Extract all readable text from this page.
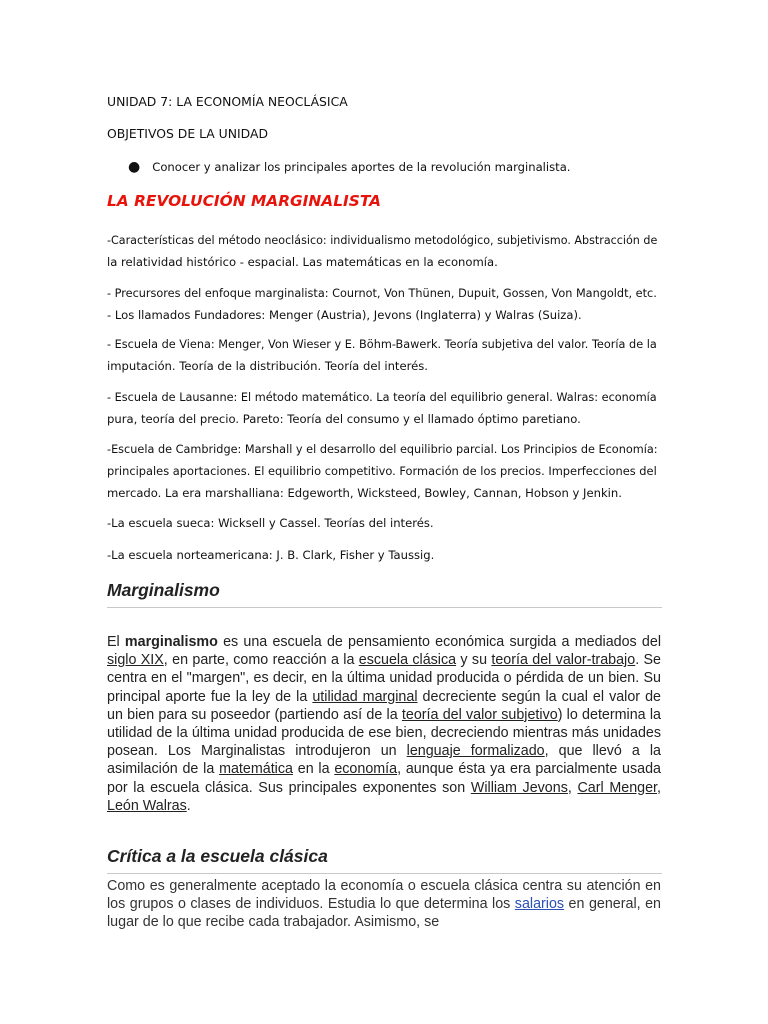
UNIDAD 7: LA ECONOMÍA NEOCLÁSICA
OBJETIVOS DE LA UNIDAD
● Conocer y analizar los principales aportes de la revolución marginalista.
LA REVOLUCIÓN MARGINALISTA
-Características del método neoclásico: individualismo metodológico, subjetivismo. Abstracción de
la relatividad histórico - espacial. Las matemáticas en la economía.
- Precursores del enfoque marginalista: Cournot, Von Thünen, Dupuit, Gossen, Von Mangoldt, etc.
- Los llamados Fundadores: Menger (Austria), Jevons (Inglaterra) y Walras (Suiza).
- Escuela de Viena: Menger, Von Wieser y E. Böhm-Bawerk. Teoría subjetiva del valor. Teoría de la
imputación. Teoría de la distribución. Teoría del interés.
- Escuela de Lausanne: El método matemático. La teoría del equilibrio general. Walras: economía
pura, teoría del precio. Pareto: Teoría del consumo y el llamado óptimo paretiano.
-Escuela de Cambridge: Marshall y el desarrollo del equilibrio parcial. Los Principios de Economía:
principales aportaciones. El equilibrio competitivo. Formación de los precios. Imperfecciones del
mercado. La era marshalliana: Edgeworth, Wicksteed, Bowley, Cannan, Hobson y Jenkin.
-La escuela sueca: Wicksell y Cassel. Teorías del interés.
-La escuela norteamericana: J. B. Clark, Fisher y Taussig.
Marginalismo
El marginalismo es una escuela de pensamiento económica surgida a mediados del siglo XIX, en parte, como reacción a la escuela clásica y su teoría del valor-trabajo. Se centra en el "margen", es decir, en la última unidad producida o pérdida de un bien. Su principal aporte fue la ley de la utilidad marginal decreciente según la cual el valor de un bien para su poseedor (partiendo así de la teoría del valor subjetivo) lo determina la utilidad de la última unidad producida de ese bien, decreciendo mientras más unidades posean. Los Marginalistas introdujeron un lenguaje formalizado, que llevó a la asimilación de la matemática en la economía, aunque ésta ya era parcialmente usada por la escuela clásica. Sus principales exponentes son William Jevons, Carl Menger, León Walras.
Crítica a la escuela clásica
Como es generalmente aceptado la economía o escuela clásica centra su atención en los grupos o clases de individuos. Estudia lo que determina los salarios en general, en lugar de lo que recibe cada trabajador. Asimismo, se
